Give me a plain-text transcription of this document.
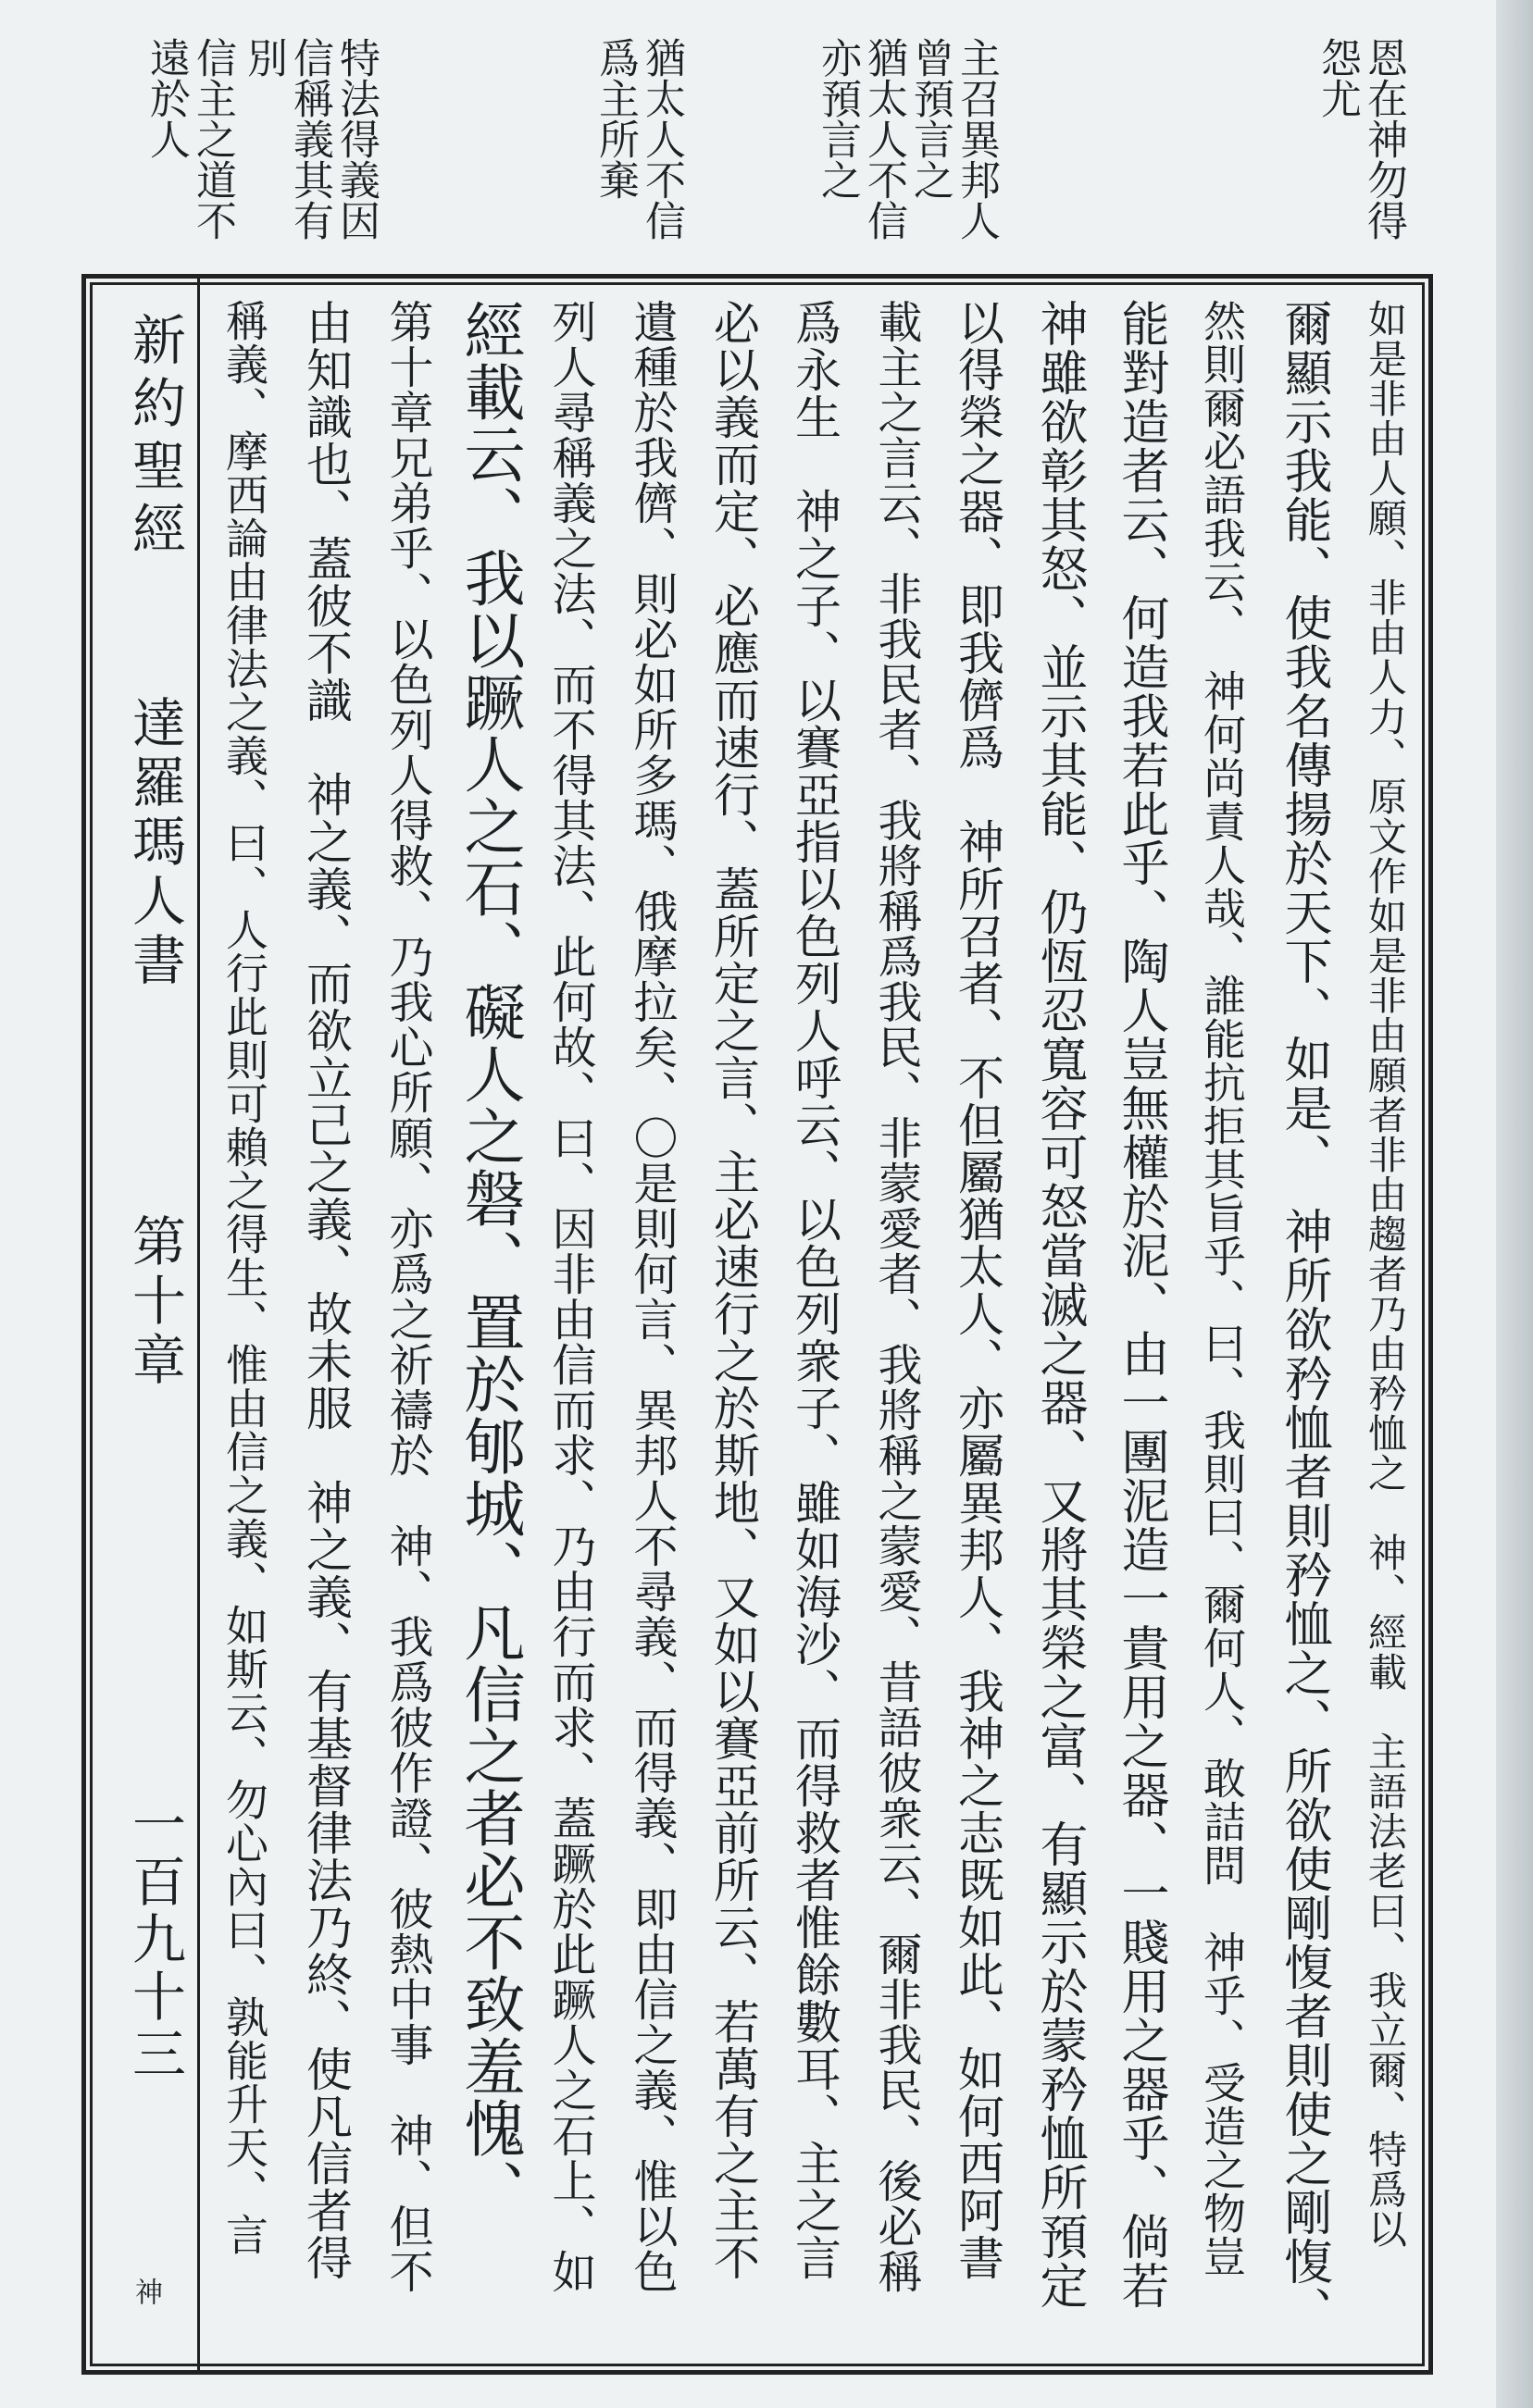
恩在神勿得
怨尤
主召異邦人
曾預言之
猶太人不信
亦預言之
猶太人不信
爲主所棄
特法得義因
信稱義其有
別
信主之道不
遠於人
新約聖經
達羅瑪人書
第十章
一百九十三
神
如是非由人願、非由人力、原文作如是非由願者非由趨者乃由矜恤之　神、經載　主語法老曰、我立爾、特爲以
爾顯示我能、使我名傳揚於天下、如是、　神所欲矜恤者則矜恤之、所欲使剛愎者則使之剛愎、
然則爾必語我云、　神何尚責人哉、誰能抗拒其旨乎、曰、我則曰、爾何人、敢詰問　神乎、受造之物豈
能對造者云、何造我若此乎、陶人豈無權於泥、由一團泥造一貴用之器、一賤用之器乎、倘若
神雖欲彰其怒、並示其能、仍恆忍寬容可怒當滅之器、又將其榮之富、有顯示於蒙矜恤所預定
以得榮之器、即我儕爲　神所召者、不但屬猶太人、亦屬異邦人、我神之志既如此、如何西阿書
載主之言云、非我民者、我將稱爲我民、非蒙愛者、我將稱之蒙愛、昔語彼衆云、爾非我民、後必稱
爲永生　神之子、以賽亞指以色列人呼云、以色列衆子、雖如海沙、而得救者惟餘數耳、主之言
必以義而定、必應而速行、蓋所定之言、主必速行之於斯地、又如以賽亞前所云、若萬有之主不
遺種於我儕、則必如所多瑪、俄摩拉矣、〇是則何言、異邦人不尋義、而得義、即由信之義、惟以色
列人尋稱義之法、而不得其法、此何故、曰、因非由信而求、乃由行而求、蓋蹶於此蹶人之石上、如
經載云、我以蹶人之石、礙人之磐、置於郇城、凡信之者必不致羞愧、
第十章兄弟乎、以色列人得救、乃我心所願、亦爲之祈禱於　神、我爲彼作證、彼熱中事　神、但不
由知識也、蓋彼不識　神之義、而欲立己之義、故未服　神之義、有基督律法乃終、使凡信者得
稱義、摩西論由律法之義、曰、人行此則可賴之得生、惟由信之義、如斯云、勿心內曰、孰能升天、言
